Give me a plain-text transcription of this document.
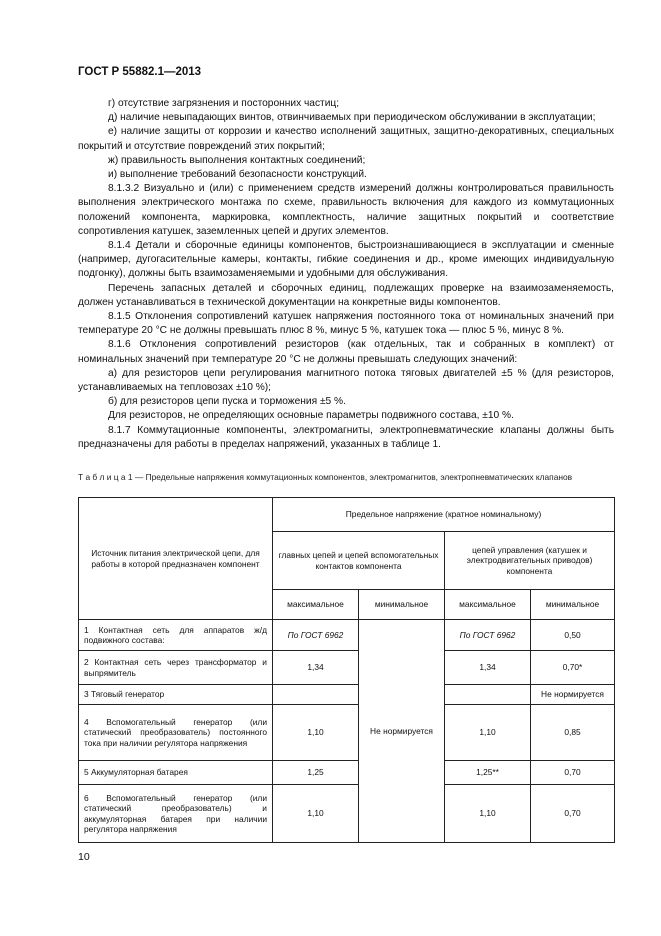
ГОСТ Р 55882.1—2013

г) отсутствие загрязнения и посторонних частиц;

д) наличие невыпадающих винтов, отвинчиваемых при периодическом обслуживании в эксплуатации;

е) наличие защиты от коррозии и качество исполнений защитных, защитно-декоративных, специальных покрытий и отсутствие повреждений этих покрытий;

ж) правильность выполнения контактных соединений;

и) выполнение требований безопасности конструкций.

8.1.3.2 Визуально и (или) с применением средств измерений должны контролироваться правильность выполнения электрического монтажа по схеме, правильность включения для каждого из коммутационных положений компонента, маркировка, комплектность, наличие защитных покрытий и соответствие сопротивления катушек, заземленных цепей и других элементов.

8.1.4 Детали и сборочные единицы компонентов, быстроизнашивающиеся в эксплуатации и сменные (например, дугогасительные камеры, контакты, гибкие соединения и др., кроме имеющих индивидуальную подгонку), должны быть взаимозаменяемыми и удобными для обслуживания.

Перечень запасных деталей и сборочных единиц, подлежащих проверке на взаимозаменяемость, должен устанавливаться в технической документации на конкретные виды компонентов.

8.1.5 Отклонения сопротивлений катушек напряжения постоянного тока от номинальных значений при температуре 20 °С не должны превышать плюс 8 %, минус 5 %, катушек тока — плюс 5 %, минус 8 %.

8.1.6 Отклонения сопротивлений резисторов (как отдельных, так и собранных в комплект) от номинальных значений при температуре 20 °С не должны превышать следующих значений:

а) для резисторов цепи регулирования магнитного потока тяговых двигателей ±5 % (для резисторов, устанавливаемых на тепловозах ±10 %);

б) для резисторов цепи пуска и торможения ±5 %.

Для резисторов, не определяющих основные параметры подвижного состава, ±10 %.

8.1.7 Коммутационные компоненты, электромагниты, электропневматические клапаны должны быть предназначены для работы в пределах напряжений, указанных в таблице 1.

Т а б л и ц а 1 — Предельные напряжения коммутационных компонентов, электромагнитов, электропневматических клапанов
Источник питания электрической цепи, для работы в которой предназначен компонент	Предельное напряжение (кратное номинальному)			
	главных цепей и цепей вспомогательных контактов компонента		цепей управления (катушек и электродвигательных приводов) компонента	
	максимальное	минимальное	максимальное	минимальное
1 Контактная сеть для аппаратов ж/д подвижного состава:	По ГОСТ 6962	Не нормируется	По ГОСТ 6962	0,50
2 Контактная сеть через трансформатор и выпрямитель	1,34		1,34	0,70*
3 Тяговый генератор				Не нормируется
4 Вспомогательный генератор (или статический преобразователь) постоянного тока при наличии регулятора напряжения	1,10		1,10	0,85
5 Аккумуляторная батарея	1,25		1,25**	0,70
6 Вспомогательный генератор (или статический преобразователь) и аккумуляторная батарея при наличии регулятора напряжения	1,10		1,10	0,70
10
